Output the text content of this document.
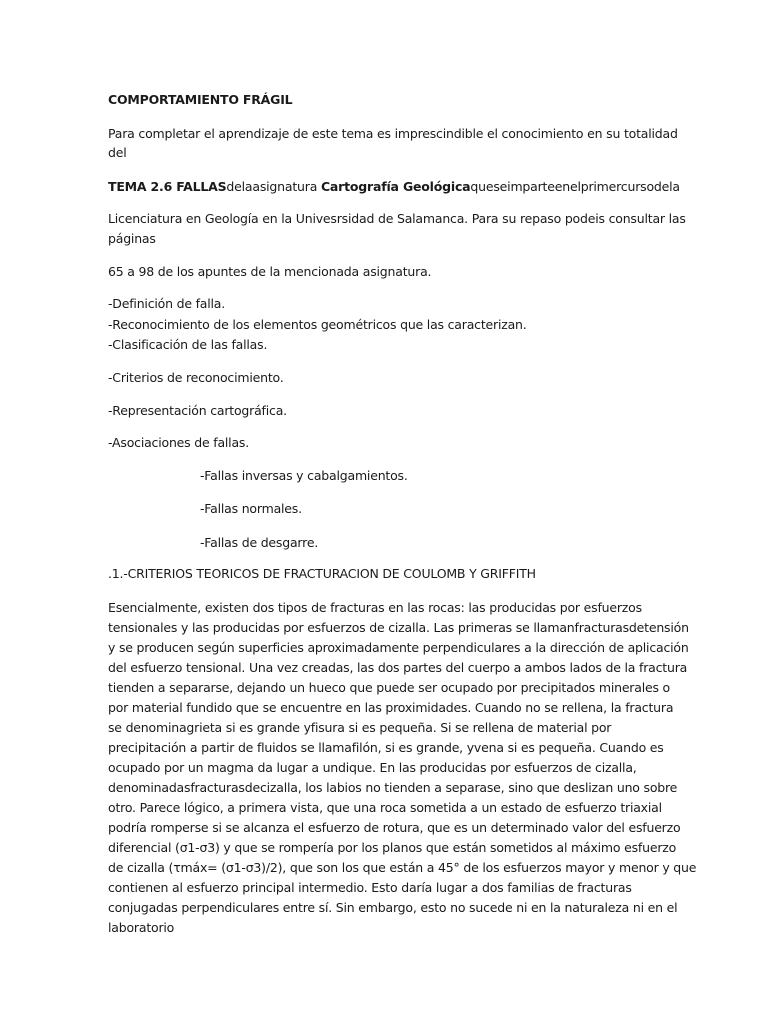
COMPORTAMIENTO FRÁGIL
Para completar el aprendizaje de este tema es imprescindible el conocimiento en su totalidad
del
TEMA 2.6 FALLASdelaasignatura Cartografía Geológicaqueseimparteenelprimercursodela
Licenciatura en Geología en la Univesrsidad de Salamanca. Para su repaso podeis consultar las
páginas
65 a 98 de los apuntes de la mencionada asignatura.
-Definición de falla.
-Reconocimiento de los elementos geométricos que las caracterizan.
-Clasificación de las fallas.
-Criterios de reconocimiento.
-Representación cartográfica.
-Asociaciones de fallas.
-Fallas inversas y cabalgamientos.
-Fallas normales.
-Fallas de desgarre.
.1.-CRITERIOS TEORICOS DE FRACTURACION DE COULOMB Y GRIFFITH

Esencialmente, existen dos tipos de fracturas en las rocas: las producidas por esfuerzos

tensionales y las producidas por esfuerzos de cizalla. Las primeras se llamanfracturasdetensión

y se producen según superficies aproximadamente perpendiculares a la dirección de aplicación

del esfuerzo tensional. Una vez creadas, las dos partes del cuerpo a ambos lados de la fractura

tienden a separarse, dejando un hueco que puede ser ocupado por precipitados minerales o

por material fundido que se encuentre en las proximidades. Cuando no se rellena, la fractura

se denominagrieta si es grande yfisura si es pequeña. Si se rellena de material por

precipitación a partir de fluidos se llamafilón, si es grande, yvena si es pequeña. Cuando es

ocupado por un magma da lugar a undique. En las producidas por esfuerzos de cizalla,

denominadasfracturasdecizalla, los labios no tienden a separase, sino que deslizan uno sobre

otro. Parece lógico, a primera vista, que una roca sometida a un estado de esfuerzo triaxial

podría romperse si se alcanza el esfuerzo de rotura, que es un determinado valor del esfuerzo

diferencial (σ1-σ3) y que se rompería por los planos que están sometidos al máximo esfuerzo

de cizalla (τmáx= (σ1-σ3)/2), que son los que están a 45° de los esfuerzos mayor y menor y que

contienen al esfuerzo principal intermedio. Esto daría lugar a dos familias de fracturas

conjugadas perpendiculares entre sí. Sin embargo, esto no sucede ni en la naturaleza ni en el

laboratorio
